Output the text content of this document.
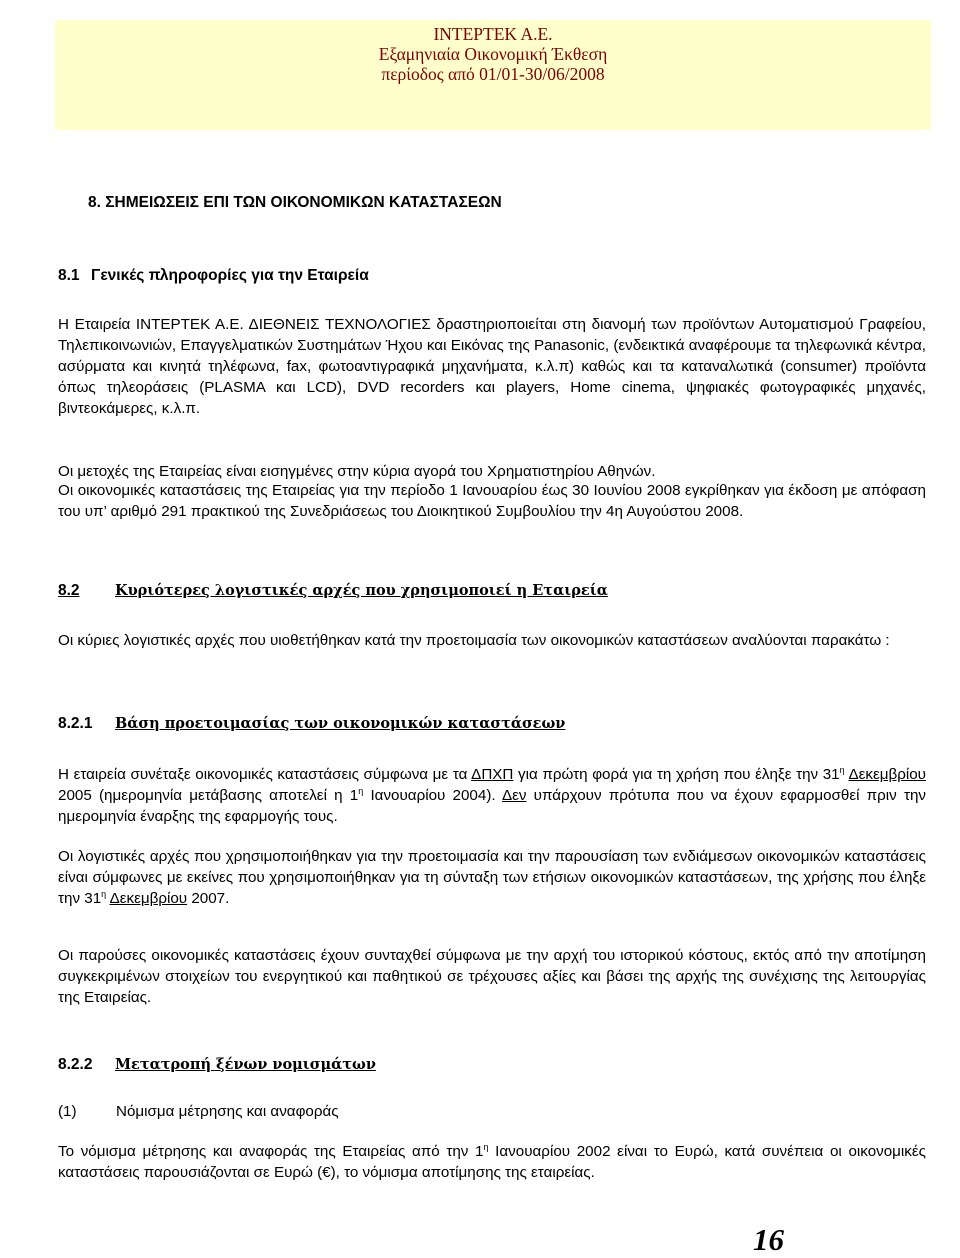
ΙΝΤΕΡΤΕΚ Α.Ε.
Εξαμηνιαία Οικονομική Έκθεση
περίοδος από 01/01-30/06/2008
8. ΣΗΜΕΙΩΣΕΙΣ ΕΠΙ ΤΩΝ ΟΙΚΟΝΟΜΙΚΩΝ ΚΑΤΑΣΤΑΣΕΩΝ
8.1 Γενικές πληροφορίες για την Εταιρεία
Η Εταιρεία ΙΝΤΕΡΤΕΚ Α.Ε. ΔΙΕΘΝΕΙΣ ΤΕΧΝΟΛΟΓΙΕΣ δραστηριοποιείται στη διανομή των προϊόντων Αυτοματισμού Γραφείου, Τηλεπικοινωνιών, Επαγγελματικών Συστημάτων Ήχου και Εικόνας της Panasonic, (ενδεικτικά αναφέρουμε τα τηλεφωνικά κέντρα, ασύρματα και κινητά τηλέφωνα, fax, φωτοαντιγραφικά μηχανήματα, κ.λ.π) καθώς και τα καταναλωτικά (consumer) προϊόντα όπως τηλεοράσεις (PLASMA και LCD), DVD recorders και players, Home cinema, ψηφιακές φωτογραφικές μηχανές, βιντεοκάμερες, κ.λ.π.
Οι μετοχές της Εταιρείας είναι εισηγμένες στην κύρια αγορά του Χρηματιστηρίου Αθηνών.
Οι οικονομικές καταστάσεις της Εταιρείας για την περίοδο 1 Ιανουαρίου έως 30 Ιουνίου 2008 εγκρίθηκαν για έκδοση με απόφαση του υπ’ αριθμό 291 πρακτικού της Συνεδριάσεως του Διοικητικού Συμβουλίου την 4η Αυγούστου 2008.
8.2 Κυριότερες λογιστικές αρχές που χρησιμοποιεί η Εταιρεία
Οι κύριες λογιστικές αρχές που υιοθετήθηκαν κατά την προετοιμασία των οικονομικών καταστάσεων αναλύονται παρακάτω :
8.2.1 Βάση προετοιμασίας των οικονομικών καταστάσεων
Η εταιρεία συνέταξε οικονομικές καταστάσεις σύμφωνα με τα ΔΠΧΠ για πρώτη φορά για τη χρήση που έληξε την $31^\eta$ Δεκεμβρίου 2005 (ημερομηνία μετάβασης αποτελεί η $1^\eta$ Ιανουαρίου 2004). Δεν υπάρχουν πρότυπα που να έχουν εφαρμοσθεί πριν την ημερομηνία έναρξης της εφαρμογής τους.
Οι λογιστικές αρχές που χρησιμοποιήθηκαν για την προετοιμασία και την παρουσίαση των ενδιάμεσων οικονομικών καταστάσεις είναι σύμφωνες με εκείνες που χρησιμοποιήθηκαν για τη σύνταξη των ετήσιων οικονομικών καταστάσεων, της χρήσης που έληξε την $31^\eta$ Δεκεμβρίου 2007.
Οι παρούσες οικονομικές καταστάσεις έχουν συνταχθεί σύμφωνα με την αρχή του ιστορικού κόστους, εκτός από την αποτίμηση συγκεκριμένων στοιχείων του ενεργητικού και παθητικού σε τρέχουσες αξίες και βάσει της αρχής της συνέχισης της λειτουργίας της Εταιρείας.
8.2.2 Μετατροπή ξένων νομισμάτων
(1)	Νόμισμα μέτρησης και αναφοράς
Το νόμισμα μέτρησης και αναφοράς της Εταιρείας από την $1^\eta$ Ιανουαρίου 2002 είναι το Ευρώ, κατά συνέπεια οι οικονομικές καταστάσεις παρουσιάζονται σε Ευρώ (€), το νόμισμα αποτίμησης της εταιρείας.
16
